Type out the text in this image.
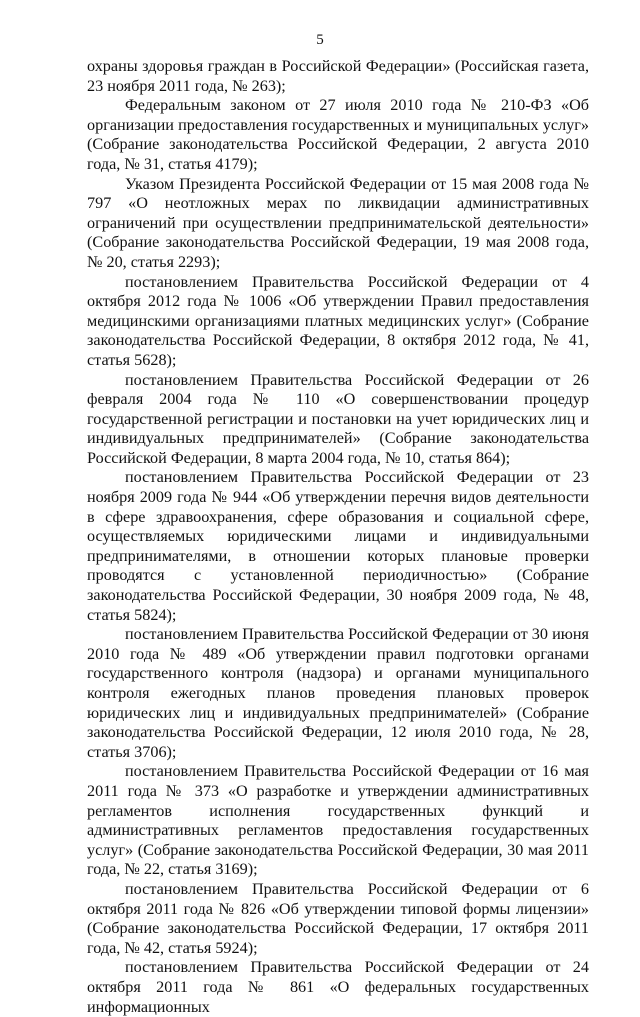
5

охраны здоровья граждан в Российской Федерации» (Российская газета, 23 ноября 2011 года, № 263);

Федеральным законом от 27 июля 2010 года № 210-ФЗ «Об организации предоставления государственных и муниципальных услуг» (Собрание законодательства Российской Федерации, 2 августа 2010 года, № 31, статья 4179);

Указом Президента Российской Федерации от 15 мая 2008 года № 797 «О неотложных мерах по ликвидации административных ограничений при осуществлении предпринимательской деятельности» (Собрание законодательства Российской Федерации, 19 мая 2008 года, № 20, статья 2293);

постановлением Правительства Российской Федерации от 4 октября 2012 года № 1006 «Об утверждении Правил предоставления медицинскими организациями платных медицинских услуг» (Собрание законодательства Российской Федерации, 8 октября 2012 года, № 41, статья 5628);

постановлением Правительства Российской Федерации от 26 февраля 2004 года № 110 «О совершенствовании процедур государственной регистрации и постановки на учет юридических лиц и индивидуальных предпринимателей» (Собрание законодательства Российской Федерации, 8 марта 2004 года, № 10, статья 864);

постановлением Правительства Российской Федерации от 23 ноября 2009 года № 944 «Об утверждении перечня видов деятельности в сфере здравоохранения, сфере образования и социальной сфере, осуществляемых юридическими лицами и индивидуальными предпринимателями, в отношении которых плановые проверки проводятся с установленной периодичностью» (Собрание законодательства Российской Федерации, 30 ноября 2009 года, № 48, статья 5824);

постановлением Правительства Российской Федерации от 30 июня 2010 года № 489 «Об утверждении правил подготовки органами государственного контроля (надзора) и органами муниципального контроля ежегодных планов проведения плановых проверок юридических лиц и индивидуальных предпринимателей» (Собрание законодательства Российской Федерации, 12 июля 2010 года, № 28, статья 3706);

постановлением Правительства Российской Федерации от 16 мая 2011 года № 373 «О разработке и утверждении административных регламентов исполнения государственных функций и административных регламентов предоставления государственных услуг» (Собрание законодательства Российской Федерации, 30 мая 2011 года, № 22, статья 3169);

постановлением Правительства Российской Федерации от 6 октября 2011 года № 826 «Об утверждении типовой формы лицензии» (Собрание законодательства Российской Федерации, 17 октября 2011 года, № 42, статья 5924);

постановлением Правительства Российской Федерации от 24 октября 2011 года № 861 «О федеральных государственных информационных
